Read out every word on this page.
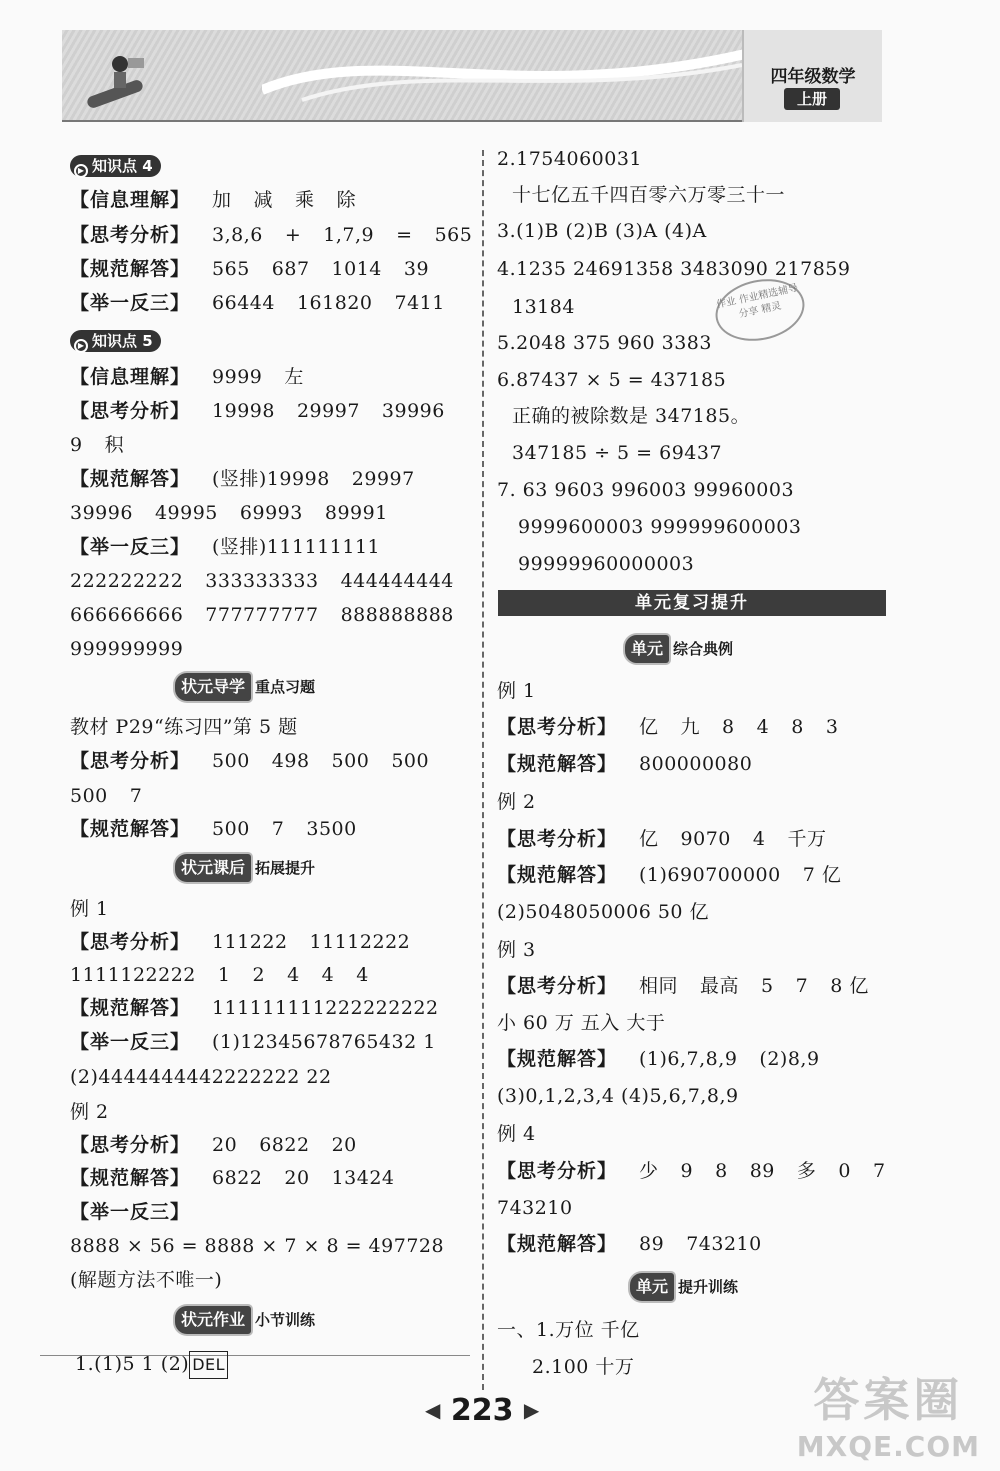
四年级数学
上册
▶ 知识点 4
【信息理解】 加 减 乘 除
【思考分析】 3,8,6 + 1,7,9 = 565
【规范解答】 565 687 1014 39
【举一反三】 66444 161820 7411
▶ 知识点 5
【信息理解】 9999 左
【思考分析】 19998 29997 39996
9 积
【规范解答】 (竖排)19998 29997
39996 49995 69993 89991
【举一反三】 (竖排)111111111
222222222 333333333 444444444
666666666 777777777 888888888
999999999
状元导学 重点习题
教材 P29“练习四”第 5 题
【思考分析】 500 498 500 500
500 7
【规范解答】 500 7 3500
状元课后 拓展提升
例 1
【思考分析】 111222 11112222
1111122222 1 2 4 4 4
【规范解答】 111111111222222222
【举一反三】 (1)12345678765432 1
(2)4444444442222222 22
例 2
【思考分析】 20 6822 20
【规范解答】 6822 20 13424
【举一反三】
8888 × 56 = 8888 × 7 × 8 = 497728
(解题方法不唯一)
状元作业 小节训练
1.(1)5 1 (2) DEL
2.1754060031
十七亿五千四百零六万零三十一
3.(1)B (2)B (3)A (4)A
4.1235 24691358 3483090 217859
13184
5.2048 375 960 3383
6.87437 × 5 = 437185
正确的被除数是 347185。
347185 ÷ 5 = 69437
7. 63 9603 996003 99960003
9999600003 999999600003
99999960000003
单元复习提升
单元 综合典例
例 1
【思考分析】 亿 九 8 4 8 3
【规范解答】 800000080
例 2
【思考分析】 亿 9070 4 千万
【规范解答】 (1)690700000 7 亿
(2)5048050006 50 亿
例 3
【思考分析】 相同 最高 5 7 8 亿
小 60 万 五入 大于
【规范解答】 (1)6,7,8,9 (2)8,9
(3)0,1,2,3,4 (4)5,6,7,8,9
例 4
【思考分析】 少 9 8 89 多 0 7
743210
【规范解答】 89 743210
单元 提升训练
一、1.万位 千亿
2.100 十万
作业 作业精选辅导分享 精灵
◀ 223 ▶	答案圈
MXQE.COM
